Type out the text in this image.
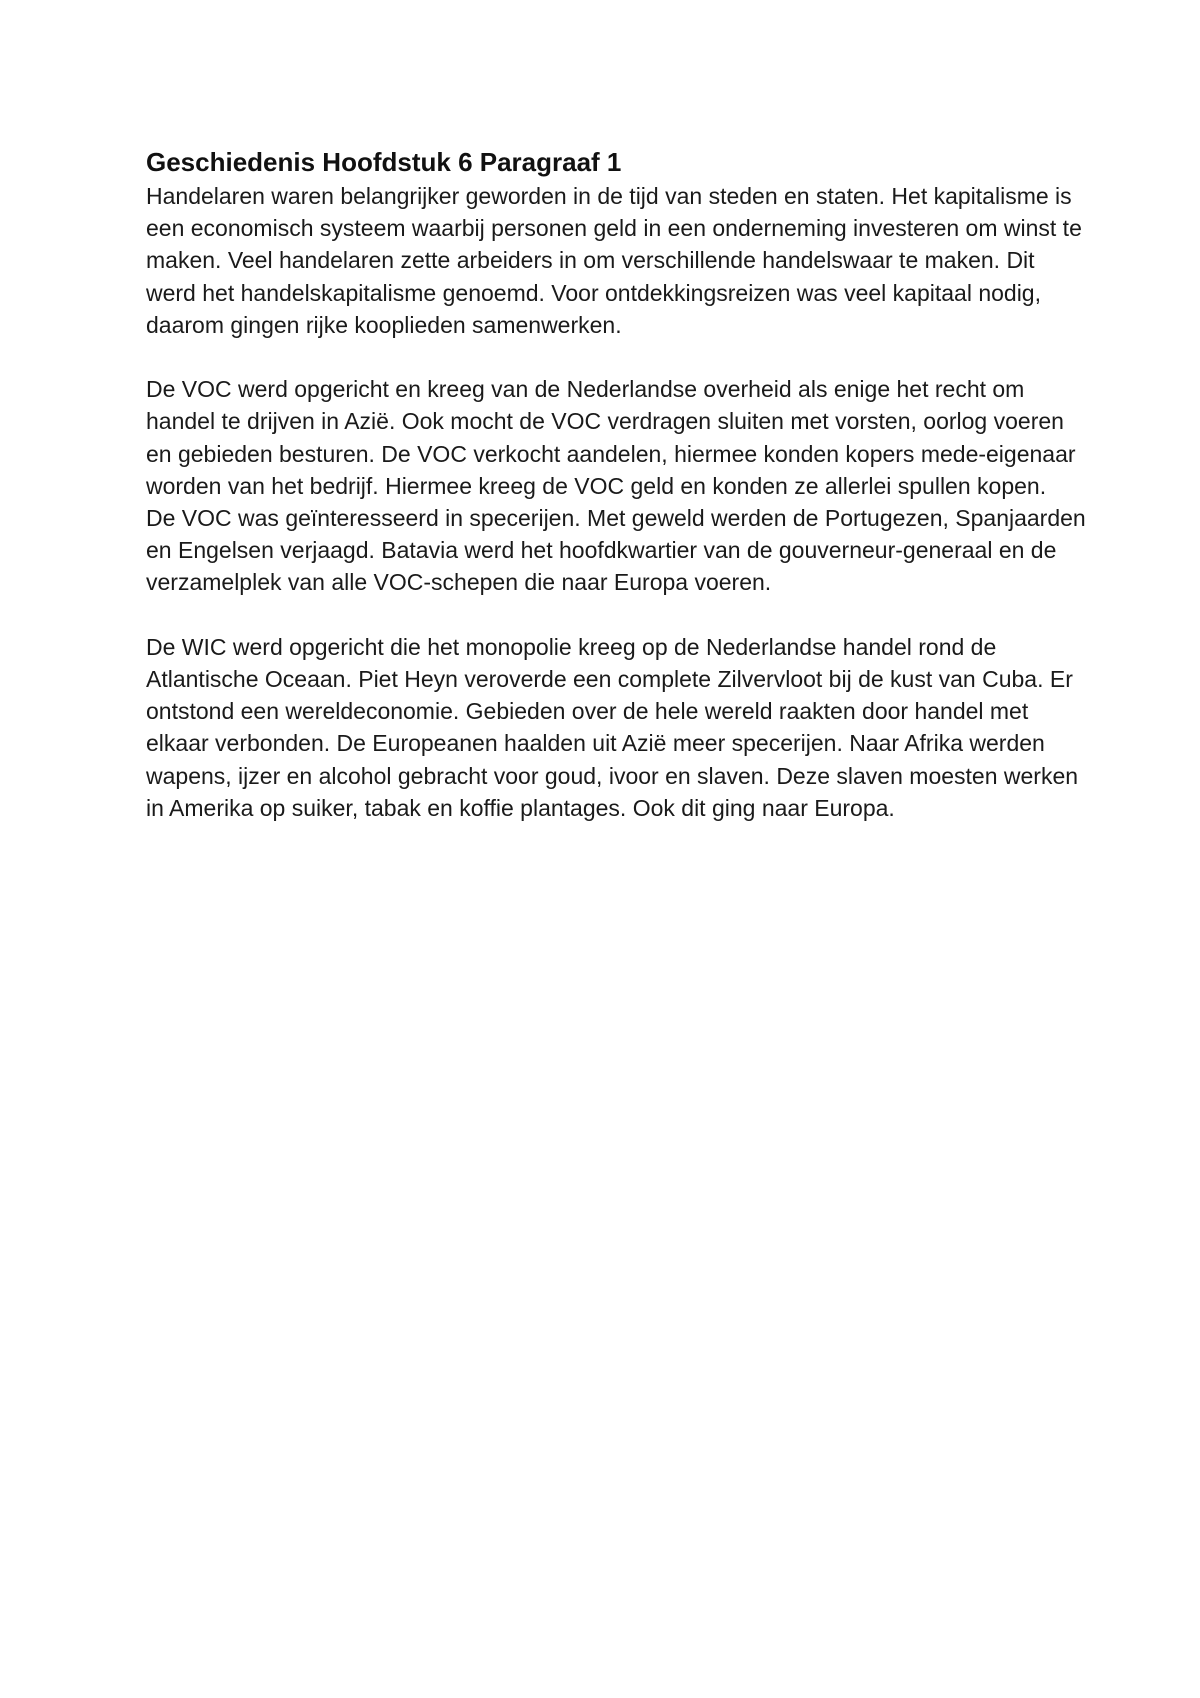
Geschiedenis Hoofdstuk 6 Paragraaf 1

Handelaren waren belangrijker geworden in de tijd van steden en staten. Het kapitalisme is een economisch systeem waarbij personen geld in een onderneming investeren om winst te maken. Veel handelaren zette arbeiders in om verschillende handelswaar te maken. Dit werd het handelskapitalisme genoemd. Voor ontdekkingsreizen was veel kapitaal nodig, daarom gingen rijke kooplieden samenwerken.

De VOC werd opgericht en kreeg van de Nederlandse overheid als enige het recht om handel te drijven in Azië. Ook mocht de VOC verdragen sluiten met vorsten, oorlog voeren en gebieden besturen. De VOC verkocht aandelen, hiermee konden kopers mede-eigenaar worden van het bedrijf. Hiermee kreeg de VOC geld en konden ze allerlei spullen kopen.

De VOC was geïnteresseerd in specerijen. Met geweld werden de Portugezen, Spanjaarden en Engelsen verjaagd. Batavia werd het hoofdkwartier van de gouverneur-generaal en de verzamelplek van alle VOC-schepen die naar Europa voeren.

De WIC werd opgericht die het monopolie kreeg op de Nederlandse handel rond de Atlantische Oceaan. Piet Heyn veroverde een complete Zilvervloot bij de kust van Cuba. Er ontstond een wereldeconomie. Gebieden over de hele wereld raakten door handel met elkaar verbonden. De Europeanen haalden uit Azië meer specerijen. Naar Afrika werden wapens, ijzer en alcohol gebracht voor goud, ivoor en slaven. Deze slaven moesten werken in Amerika op suiker, tabak en koffie plantages. Ook dit ging naar Europa.
